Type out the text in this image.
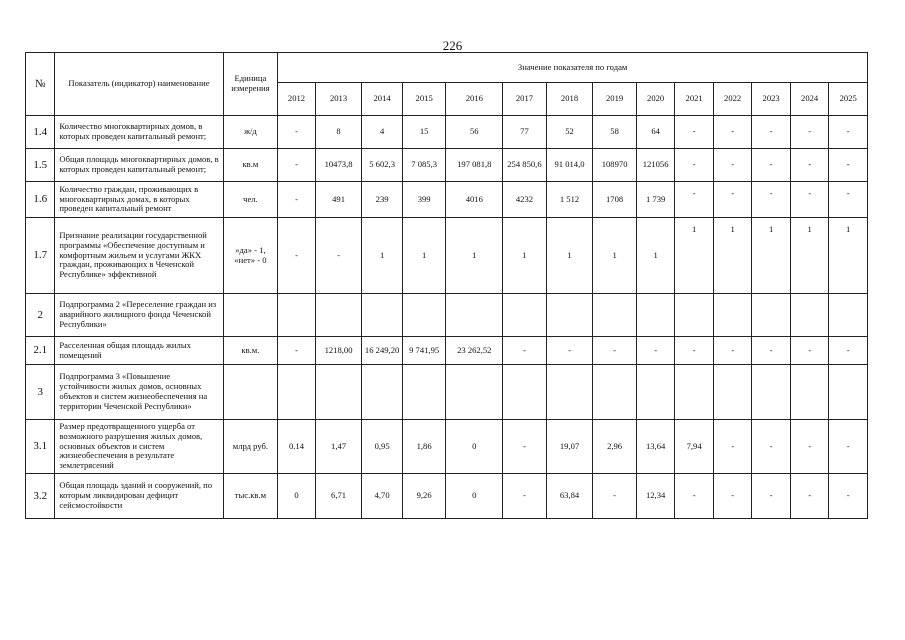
226
№	Показатель (индикатор) наименование	Единица измерения	Значение показателя по годам													
			2012	2013	2014	2015	2016	2017	2018	2019	2020	2021	2022	2023	2024	2025
1.4	Количество многоквартирных домов, в которых проведен капитальный ремонт;	ж/д	-	8	4	15	56	77	52	58	64	-	-	-	-	-
1.5	Общая площадь многоквартирных домов, в которых проведен капитальный ремонт;	кв.м	-	10473,8	5 602,3	7 085,3	197 081,8	254 850,6	91 014,0	108970	121056	-	-	-	-	-
1.6	Количество граждан, проживающих в многоквартирных домах, в которых проведен капитальный ремонт	чел.	-	491	239	399	4016	4232	1 512	1708	1 739	-	-	-	-	-
1.7	Признание реализации государственной программы «Обеспечение доступным и комфортным жильем и услугами ЖКХ граждан, проживающих в Чеченской Республике» эффективной	«да» - 1, «нет» - 0	-	-	1	1	1	1	1	1	1	1	1	1	1	1
2	Подпрограмма 2 «Переселение граждан из аварийного жилищного фонда Чеченской Республики»															
2.1	Расселенная общая площадь жилых помещений	кв.м.	-	1218,00	16 249,20	9 741,95	23 262,52	-	-	-	-	-	-	-	-	-
3	Подпрограмма 3 «Повышение устойчивости жилых домов, основных объектов и систем жизнеобеспечения на территории Чеченской Республики»															
3.1	Размер предотвращенного ущерба от возможного разрушения жилых домов, основных объектов и систем жизнеобеспечения в результате землетрясений	млрд руб.	0.14	1,47	0,95	1,86	0	-	19,07	2,96	13,64	7,94	-	-	-	-
3.2	Общая площадь зданий и сооружений, по которым ликвидирован дефицит сейсмостойкости	тыс.кв.м	0	6,71	4,70	9,26	0	-	63,84	-	12,34	-	-	-	-	-
